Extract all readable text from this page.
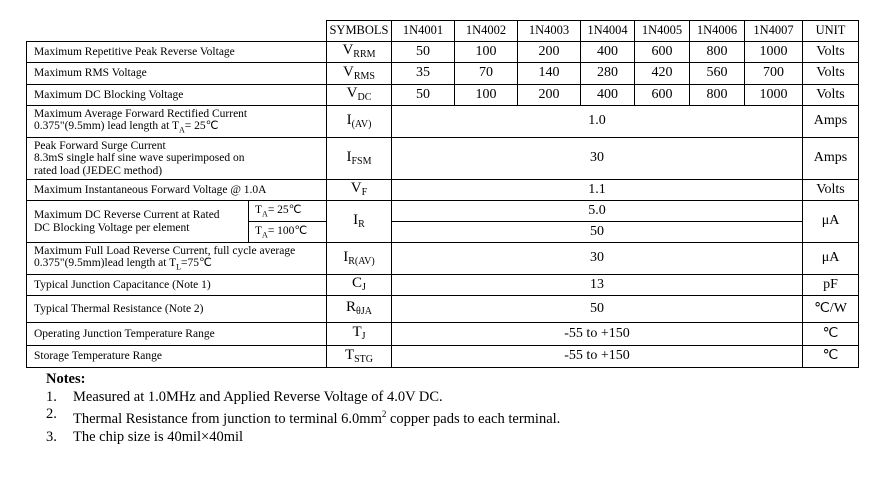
		SYMBOLS	1N4001	1N4002	1N4003	1N4004	1N4005	1N4006	1N4007	UNIT
Maximum Repetitive Peak Reverse Voltage		$V_{RRM}$	50	100	200	400	600	800	1000	Volts
Maximum RMS Voltage		$V_{RMS}$	35	70	140	280	420	560	700	Volts
Maximum DC Blocking Voltage		$V_{DC}$	50	100	200	400	600	800	1000	Volts

Maximum Average Forward Rectified Current
0.375"(9.5mm) lead length at $T_A=$ 25℃		$I_{(AV)}$	1.0							Amps

Peak Forward Surge Current
8.3mS single half sine wave superimposed on
rated load (JEDEC method)		$I_{FSM}$	30							Amps
Maximum Instantaneous Forward Voltage @ 1.0A		$V_F$	1.1							Volts

Maximum DC Reverse Current at Rated
DC Blocking Voltage per element	$T_A=$ 25℃	$I_R$	5.0							μA
	$T_A=$ 100℃		50							

Maximum Full Load Reverse Current, full cycle average
0.375"(9.5mm)lead length at $T_L=75℃$		$I_{R(AV)}$	30							μA
Typical Junction Capacitance (Note 1)		$C_J$	13							pF
Typical Thermal Resistance (Note 2)		$R_{\theta JA}$	50							℃/W
Operating Junction Temperature Range		$T_J$	-55 to +150							℃
Storage Temperature Range		$T_{STG}$	-55 to +150							℃
Notes:
1. Measured at 1.0MHz and Applied Reverse Voltage of 4.0V DC.
2. Thermal Resistance from junction to terminal $6.0mm^2$ copper pads to each terminal.
3. The chip size is 40mil×40mil
